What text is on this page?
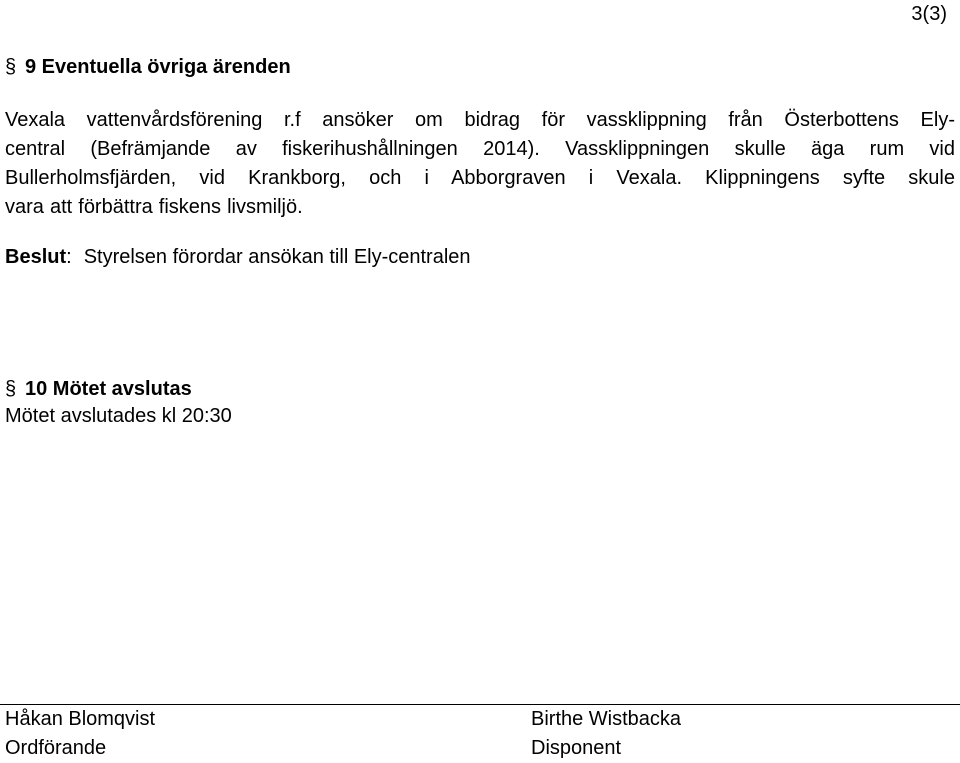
3(3)
§ 9 Eventuella övriga ärenden
Vexala vattenvårdsförening r.f ansöker om bidrag för vassklippning från Österbottens Ely-
central (Befrämjande av fiskerihushållningen 2014). Vassklippningen skulle äga rum vid
Bullerholmsfjärden, vid Krankborg, och i Abborgraven i Vexala. Klippningens syfte skule
vara att förbättra fiskens livsmiljö.
Beslut: Styrelsen förordar ansökan till Ely-centralen
§ 10 Mötet avslutas
Mötet avslutades kl 20:30
Håkan Blomqvist
Ordförande
Birthe Wistbacka
Disponent
